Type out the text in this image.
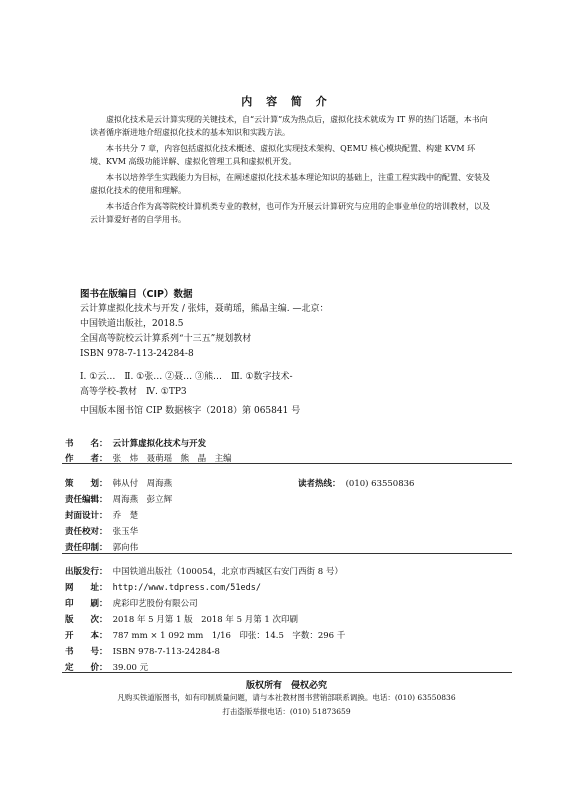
内 容 简 介

虚拟化技术是云计算实现的关键技术，自“云计算”成为热点后，虚拟化技术就成为 IT 界的热门话题，本书向读者循序渐进地介绍虚拟化技术的基本知识和实践方法。

本书共分 7 章，内容包括虚拟化技术概述、虚拟化实现技术架构、QEMU 核心模块配置、构建 KVM 环境、KVM 高级功能详解、虚拟化管理工具和虚拟机开发。

本书以培养学生实践能力为目标，在阐述虚拟化技术基本理论知识的基础上，注重工程实践中的配置、安装及虚拟化技术的使用和理解。

本书适合作为高等院校计算机类专业的教材，也可作为开展云计算研究与应用的企事业单位的培训教材，以及云计算爱好者的自学用书。

图书在版编目（CIP）数据
云计算虚拟化技术与开发 / 张炜，聂萌瑶，熊晶主编. —北京：
中国铁道出版社，2018.5
全国高等院校云计算系列“十三五”规划教材
ISBN 978-7-113-24284-8
Ⅰ. ①云…　Ⅱ. ①张… ②聂… ③熊…　Ⅲ. ①数字技术-
高等学校-教材　Ⅳ. ①TP3
中国版本图书馆 CIP 数据核字（2018）第 065841 号
书　　名： 云计算虚拟化技术与开发
作　　者： 张　炜　聂萌瑶　熊　晶　主编
策　　划： 韩从付　周海燕	读者热线： (010) 63550836
责任编辑： 周海燕　彭立辉
封面设计： 乔　楚
责任校对： 张玉华
责任印制： 郭向伟
出版发行： 中国铁道出版社（100054，北京市西城区右安门西街 8 号）
网　　址： http://www.tdpress.com/51eds/
印　　刷： 虎彩印艺股份有限公司
版　　次： 2018 年 5 月第 1 版　2018 年 5 月第 1 次印刷
开　　本： 787 mm × 1 092 mm　1/16　印张：14.5　字数：296 千
书　　号： ISBN 978-7-113-24284-8
定　　价： 39.00 元
版权所有　侵权必究
凡购买铁道版图书，如有印制质量问题，请与本社教材图书营销部联系调换。电话：(010) 63550836
打击盗版举报电话：(010) 51873659
